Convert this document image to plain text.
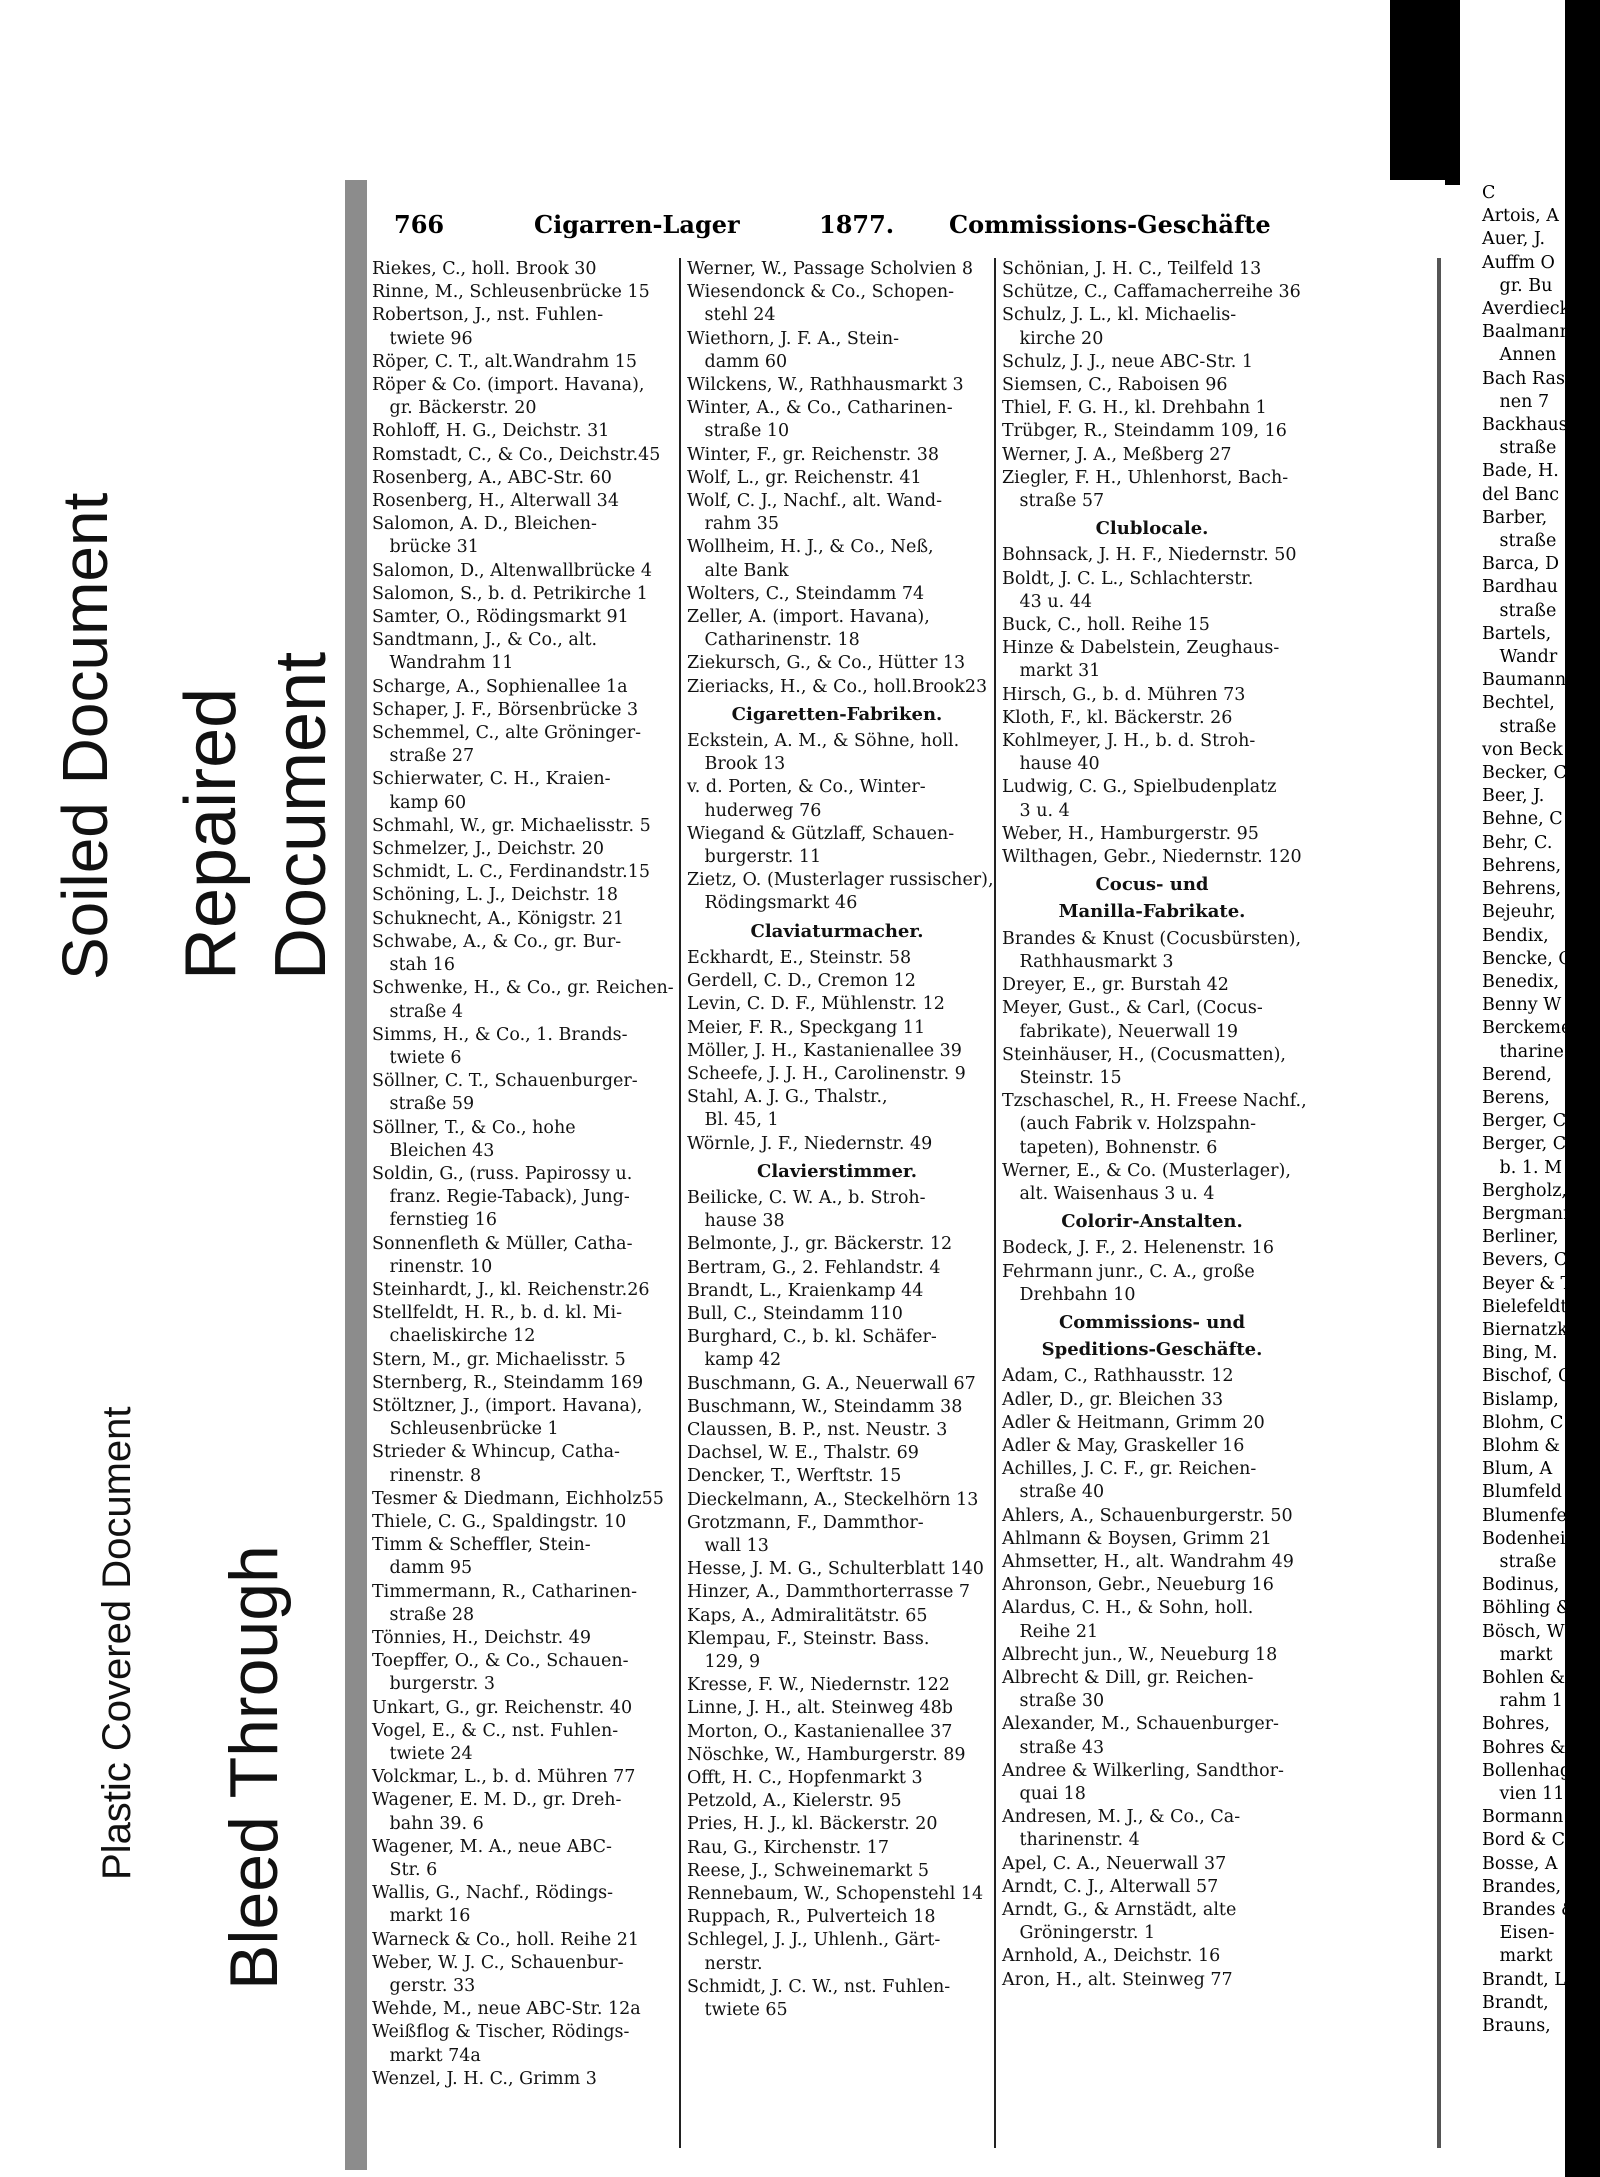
Soiled Document Repaired Document
Plastic Covered Document Bleed Through
766	Cigarren-Lager	1877. Commissions-Geschäfte
Riekes, C., holl. Brook 30
Rinne, M., Schleusenbrücke 15
Robertson, J., nst. Fuhlen-
 twiete 96
Röper, C. T., alt.Wandrahm 15
Röper & Co. (import. Havana),
 gr. Bäckerstr. 20
Rohloff, H. G., Deichstr. 31
Romstadt, C., & Co., Deichstr.45
Rosenberg, A., ABC-Str. 60
Rosenberg, H., Alterwall 34
Salomon, A. D., Bleichen-
 brücke 31
Salomon, D., Altenwallbrücke 4
Salomon, S., b. d. Petrikirche 1
Samter, O., Rödingsmarkt 91
Sandtmann, J., & Co., alt.
 Wandrahm 11
Scharge, A., Sophienallee 1a
Schaper, J. F., Börsenbrücke 3
Schemmel, C., alte Gröninger-
 straße 27
Schierwater, C. H., Kraien-
 kamp 60
Schmahl, W., gr. Michaelisstr. 5
Schmelzer, J., Deichstr. 20
Schmidt, L. C., Ferdinandstr.15
Schöning, L. J., Deichstr. 18
Schuknecht, A., Königstr. 21
Schwabe, A., & Co., gr. Bur-
 stah 16
Schwenke, H., & Co., gr. Reichen-
 straße 4
Simms, H., & Co., 1. Brands-
 twiete 6
Söllner, C. T., Schauenburger-
 straße 59
Söllner, T., & Co., hohe
 Bleichen 43
Soldin, G., (russ. Papirossy u.
 franz. Regie-Taback), Jung-
 fernstieg 16
Sonnenfleth & Müller, Catha-
 rinenstr. 10
Steinhardt, J., kl. Reichenstr.26
Stellfeldt, H. R., b. d. kl. Mi-
 chaeliskirche 12
Stern, M., gr. Michaelisstr. 5
Sternberg, R., Steindamm 169
Stöltzner, J., (import. Havana),
 Schleusenbrücke 1
Strieder & Whincup, Catha-
 rinenstr. 8
Tesmer & Diedmann, Eichholz55
Thiele, C. G., Spaldingstr. 10
Timm & Scheffler, Stein-
 damm 95
Timmermann, R., Catharinen-
 straße 28
Tönnies, H., Deichstr. 49
Toepffer, O., & Co., Schauen-
 burgerstr. 3
Unkart, G., gr. Reichenstr. 40
Vogel, E., & C., nst. Fuhlen-
 twiete 24
Volckmar, L., b. d. Mühren 77
Wagener, E. M. D., gr. Dreh-
 bahn 39. 6
Wagener, M. A., neue ABC-
 Str. 6
Wallis, G., Nachf., Rödings-
 markt 16
Warneck & Co., holl. Reihe 21
Weber, W. J. C., Schauenbur-
 gerstr. 33
Wehde, M., neue ABC-Str. 12a
Weißflog & Tischer, Rödings-
 markt 74a
Wenzel, J. H. C., Grimm 3
Werner, W., Passage Scholvien 8
Wiesendonck & Co., Schopen-
 stehl 24
Wiethorn, J. F. A., Stein-
 damm 60
Wilckens, W., Rathhausmarkt 3
Winter, A., & Co., Catharinen-
 straße 10
Winter, F., gr. Reichenstr. 38
Wolf, L., gr. Reichenstr. 41
Wolf, C. J., Nachf., alt. Wand-
 rahm 35
Wollheim, H. J., & Co., Neß,
 alte Bank
Wolters, C., Steindamm 74
Zeller, A. (import. Havana),
 Catharinenstr. 18
Ziekursch, G., & Co., Hütter 13
Zieriacks, H., & Co., holl.Brook23
Cigaretten-Fabriken.
Eckstein, A. M., & Söhne, holl.
 Brook 13
v. d. Porten, & Co., Winter-
 huderweg 76
Wiegand & Gützlaff, Schauen-
 burgerstr. 11
Zietz, O. (Musterlager russischer),
 Rödingsmarkt 46
Claviaturmacher.
Eckhardt, E., Steinstr. 58
Gerdell, C. D., Cremon 12
Levin, C. D. F., Mühlenstr. 12
Meier, F. R., Speckgang 11
Möller, J. H., Kastanienallee 39
Scheefe, J. J. H., Carolinenstr. 9
Stahl, A. J. G., Thalstr.,
 Bl. 45, 1
Wörnle, J. F., Niedernstr. 49
Clavierstimmer.
Beilicke, C. W. A., b. Stroh-
 hause 38
Belmonte, J., gr. Bäckerstr. 12
Bertram, G., 2. Fehlandstr. 4
Brandt, L., Kraienkamp 44
Bull, C., Steindamm 110
Burghard, C., b. kl. Schäfer-
 kamp 42
Buschmann, G. A., Neuerwall 67
Buschmann, W., Steindamm 38
Claussen, B. P., nst. Neustr. 3
Dachsel, W. E., Thalstr. 69
Dencker, T., Werftstr. 15
Dieckelmann, A., Steckelhörn 13
Grotzmann, F., Dammthor-
 wall 13
Hesse, J. M. G., Schulterblatt 140
Hinzer, A., Dammthorterrasse 7
Kaps, A., Admiralitätstr. 65
Klempau, F., Steinstr. Bass.
 129, 9
Kresse, F. W., Niedernstr. 122
Linne, J. H., alt. Steinweg 48b
Morton, O., Kastanienallee 37
Nöschke, W., Hamburgerstr. 89
Offt, H. C., Hopfenmarkt 3
Petzold, A., Kielerstr. 95
Pries, H. J., kl. Bäckerstr. 20
Rau, G., Kirchenstr. 17
Reese, J., Schweinemarkt 5
Rennebaum, W., Schopenstehl 14
Ruppach, R., Pulverteich 18
Schlegel, J. J., Uhlenh., Gärt-
 nerstr.
Schmidt, J. C. W., nst. Fuhlen-
 twiete 65
Schönian, J. H. C., Teilfeld 13
Schütze, C., Caffamacherreihe 36
Schulz, J. L., kl. Michaelis-
 kirche 20
Schulz, J. J., neue ABC-Str. 1
Siemsen, C., Raboisen 96
Thiel, F. G. H., kl. Drehbahn 1
Trübger, R., Steindamm 109, 16
Werner, J. A., Meßberg 27
Ziegler, F. H., Uhlenhorst, Bach-
 straße 57
Clublocale.
Bohnsack, J. H. F., Niedernstr. 50
Boldt, J. C. L., Schlachterstr.
 43 u. 44
Buck, C., holl. Reihe 15
Hinze & Dabelstein, Zeughaus-
 markt 31
Hirsch, G., b. d. Mühren 73
Kloth, F., kl. Bäckerstr. 26
Kohlmeyer, J. H., b. d. Stroh-
 hause 40
Ludwig, C. G., Spielbudenplatz
 3 u. 4
Weber, H., Hamburgerstr. 95
Wilthagen, Gebr., Niedernstr. 120
Cocus- und
Manilla-Fabrikate.
Brandes & Knust (Cocusbürsten),
 Rathhausmarkt 3
Dreyer, E., gr. Burstah 42
Meyer, Gust., & Carl, (Cocus-
 fabrikate), Neuerwall 19
Steinhäuser, H., (Cocusmatten),
 Steinstr. 15
Tzschaschel, R., H. Freese Nachf.,
 (auch Fabrik v. Holzspahn-
 tapeten), Bohnenstr. 6
Werner, E., & Co. (Musterlager),
 alt. Waisenhaus 3 u. 4
Colorir-Anstalten.
Bodeck, J. F., 2. Helenenstr. 16
Fehrmann junr., C. A., große
 Drehbahn 10
Commissions- und
Speditions-Geschäfte.
Adam, C., Rathhausstr. 12
Adler, D., gr. Bleichen 33
Adler & Heitmann, Grimm 20
Adler & May, Graskeller 16
Achilles, J. C. F., gr. Reichen-
 straße 40
Ahlers, A., Schauenburgerstr. 50
Ahlmann & Boysen, Grimm 21
Ahmsetter, H., alt. Wandrahm 49
Ahronson, Gebr., Neueburg 16
Alardus, C. H., & Sohn, holl.
 Reihe 21
Albrecht jun., W., Neueburg 18
Albrecht & Dill, gr. Reichen-
 straße 30
Alexander, M., Schauenburger-
 straße 43
Andree & Wilkerling, Sandthor-
 quai 18
Andresen, M. J., & Co., Ca-
 tharinenstr. 4
Apel, C. A., Neuerwall 37
Arndt, C. J., Alterwall 57
Arndt, G., & Arnstädt, alte
 Gröningerstr. 1
Arnhold, A., Deichstr. 16
Aron, H., alt. Steinweg 77
C
Artois, A
Auer, J.
Auffm O
 gr. Bu
Averdieck,
Baalmann
 Annen
Bach Ras
 nen 7
Backhaus
 straße
Bade, H.
del Banc
Barber,
 straße
Barca, D
Bardhau
 straße
Bartels,
 Wandr
Baumann
Bechtel,
 straße
von Beck
Becker, C
Beer, J.
Behne, C
Behr, C.
Behrens,
Behrens,
Bejeuhr,
Bendix,
Bencke, C
Benedix,
Benny W
Berckemei
 tharine
Berend,
Berens,
Berger, C
Berger, C
 b. 1. M
Bergholz,
Bergmann
Berliner,
Bevers, C
Beyer & T
Bielefeldt
Biernatzk
Bing, M.
Bischof, C
Bislamp,
Blohm, C
Blohm &
Blum, A
Blumfeld
Blumenfel
Bodenhei
 straße
Bodinus,
Böhling &
Bösch, W
 markt
Bohlen &
 rahm 1
Bohres,
Bohres &
Bollenhag
 vien 11
Bormann
Bord & C
Bosse, A
Brandes,
Brandes &
 Eisen-
 markt
Brandt, L
Brandt,
Brauns,
